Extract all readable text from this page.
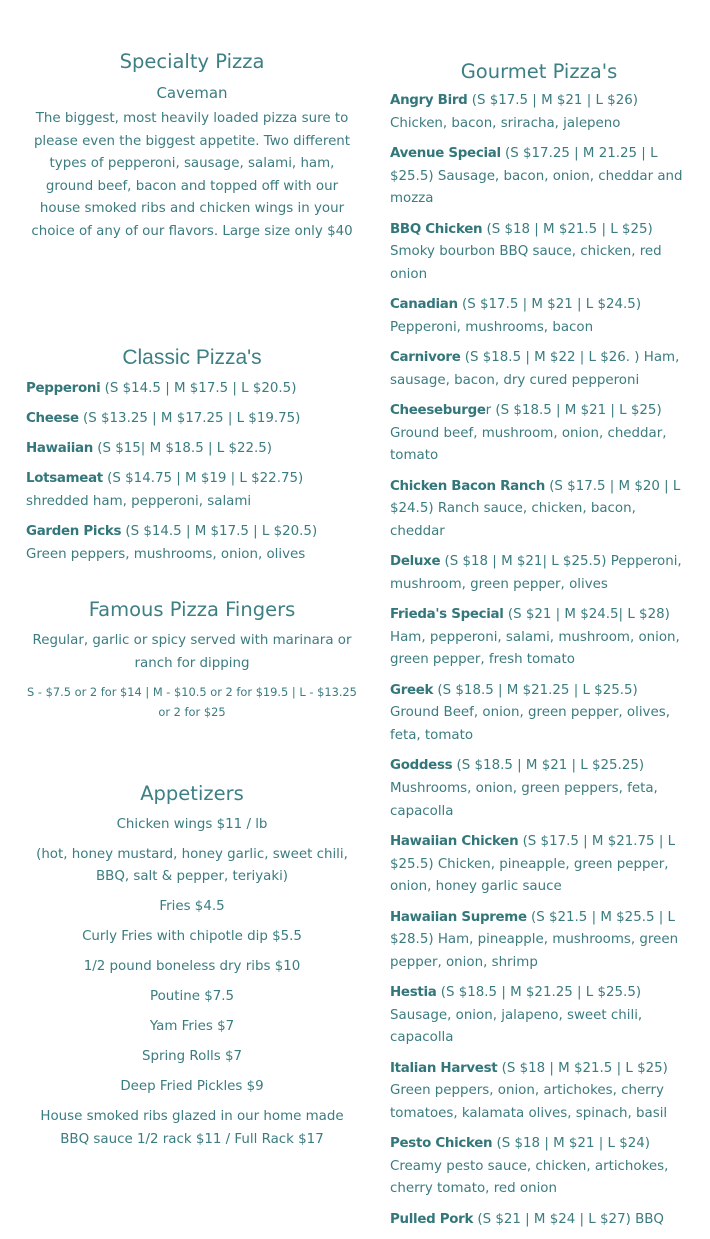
Specialty Pizza
Caveman

The biggest, most heavily loaded pizza sure to please even the biggest appetite. Two different types of pepperoni, sausage, salami, ham, ground beef, bacon and topped off with our house smoked ribs and chicken wings in your choice of any of our flavors. Large size only $40

Classic Pizza's
Pepperoni (S $14.5 | M $17.5 | L $20.5)
Cheese (S $13.25 | M $17.25 | L $19.75)
Hawaiian (S $15| M $18.5 | L $22.5)
Lotsameat (S $14.75 | M $19 | L $22.75) shredded ham, pepperoni, salami
Garden Picks (S $14.5 | M $17.5 | L $20.5) Green peppers, mushrooms, onion, olives
Famous Pizza Fingers

Regular, garlic or spicy served with marinara or ranch for dipping

S - $7.5 or 2 for $14 | M - $10.5 or 2 for $19.5 | L - $13.25 or 2 for $25

Appetizers

Chicken wings $11 / lb

(hot, honey mustard, honey garlic, sweet chili, BBQ, salt & pepper, teriyaki)

Fries $4.5

Curly Fries with chipotle dip $5.5

1/2 pound boneless dry ribs $10

Poutine $7.5

Yam Fries $7

Spring Rolls $7

Deep Fried Pickles $9

House smoked ribs glazed in our home made BBQ sauce 1/2 rack $11 / Full Rack $17

Gourmet Pizza's
Angry Bird (S $17.5 | M $21 | L $26) Chicken, bacon, sriracha, jalepeno
Avenue Special (S $17.25 | M 21.25 | L $25.5) Sausage, bacon, onion, cheddar and mozza
BBQ Chicken (S $18 | M $21.5 | L $25) Smoky bourbon BBQ sauce, chicken, red onion
Canadian (S $17.5 | M $21 | L $24.5) Pepperoni, mushrooms, bacon
Carnivore (S $18.5 | M $22 | L $26. ) Ham, sausage, bacon, dry cured pepperoni
Cheeseburger (S $18.5 | M $21 | L $25) Ground beef, mushroom, onion, cheddar, tomato
Chicken Bacon Ranch (S $17.5 | M $20 | L $24.5) Ranch sauce, chicken, bacon, cheddar
Deluxe (S $18 | M $21| L $25.5) Pepperoni, mushroom, green pepper, olives
Frieda's Special (S $21 | M $24.5| L $28) Ham, pepperoni, salami, mushroom, onion, green pepper, fresh tomato
Greek (S $18.5 | M $21.25 | L $25.5) Ground Beef, onion, green pepper, olives, feta, tomato
Goddess (S $18.5 | M $21 | L $25.25) Mushrooms, onion, green peppers, feta, capacolla
Hawaiian Chicken (S $17.5 | M $21.75 | L $25.5) Chicken, pineapple, green pepper, onion, honey garlic sauce
Hawaiian Supreme (S $21.5 | M $25.5 | L $28.5) Ham, pineapple, mushrooms, green pepper, onion, shrimp
Hestia (S $18.5 | M $21.25 | L $25.5) Sausage, onion, jalapeno, sweet chili, capacolla
Italian Harvest (S $18 | M $21.5 | L $25) Green peppers, onion, artichokes, cherry tomatoes, kalamata olives, spinach, basil
Pesto Chicken (S $18 | M $21 | L $24) Creamy pesto sauce, chicken, artichokes, cherry tomato, red onion
Pulled Pork (S $21 | M $24 | L $27) BBQ
